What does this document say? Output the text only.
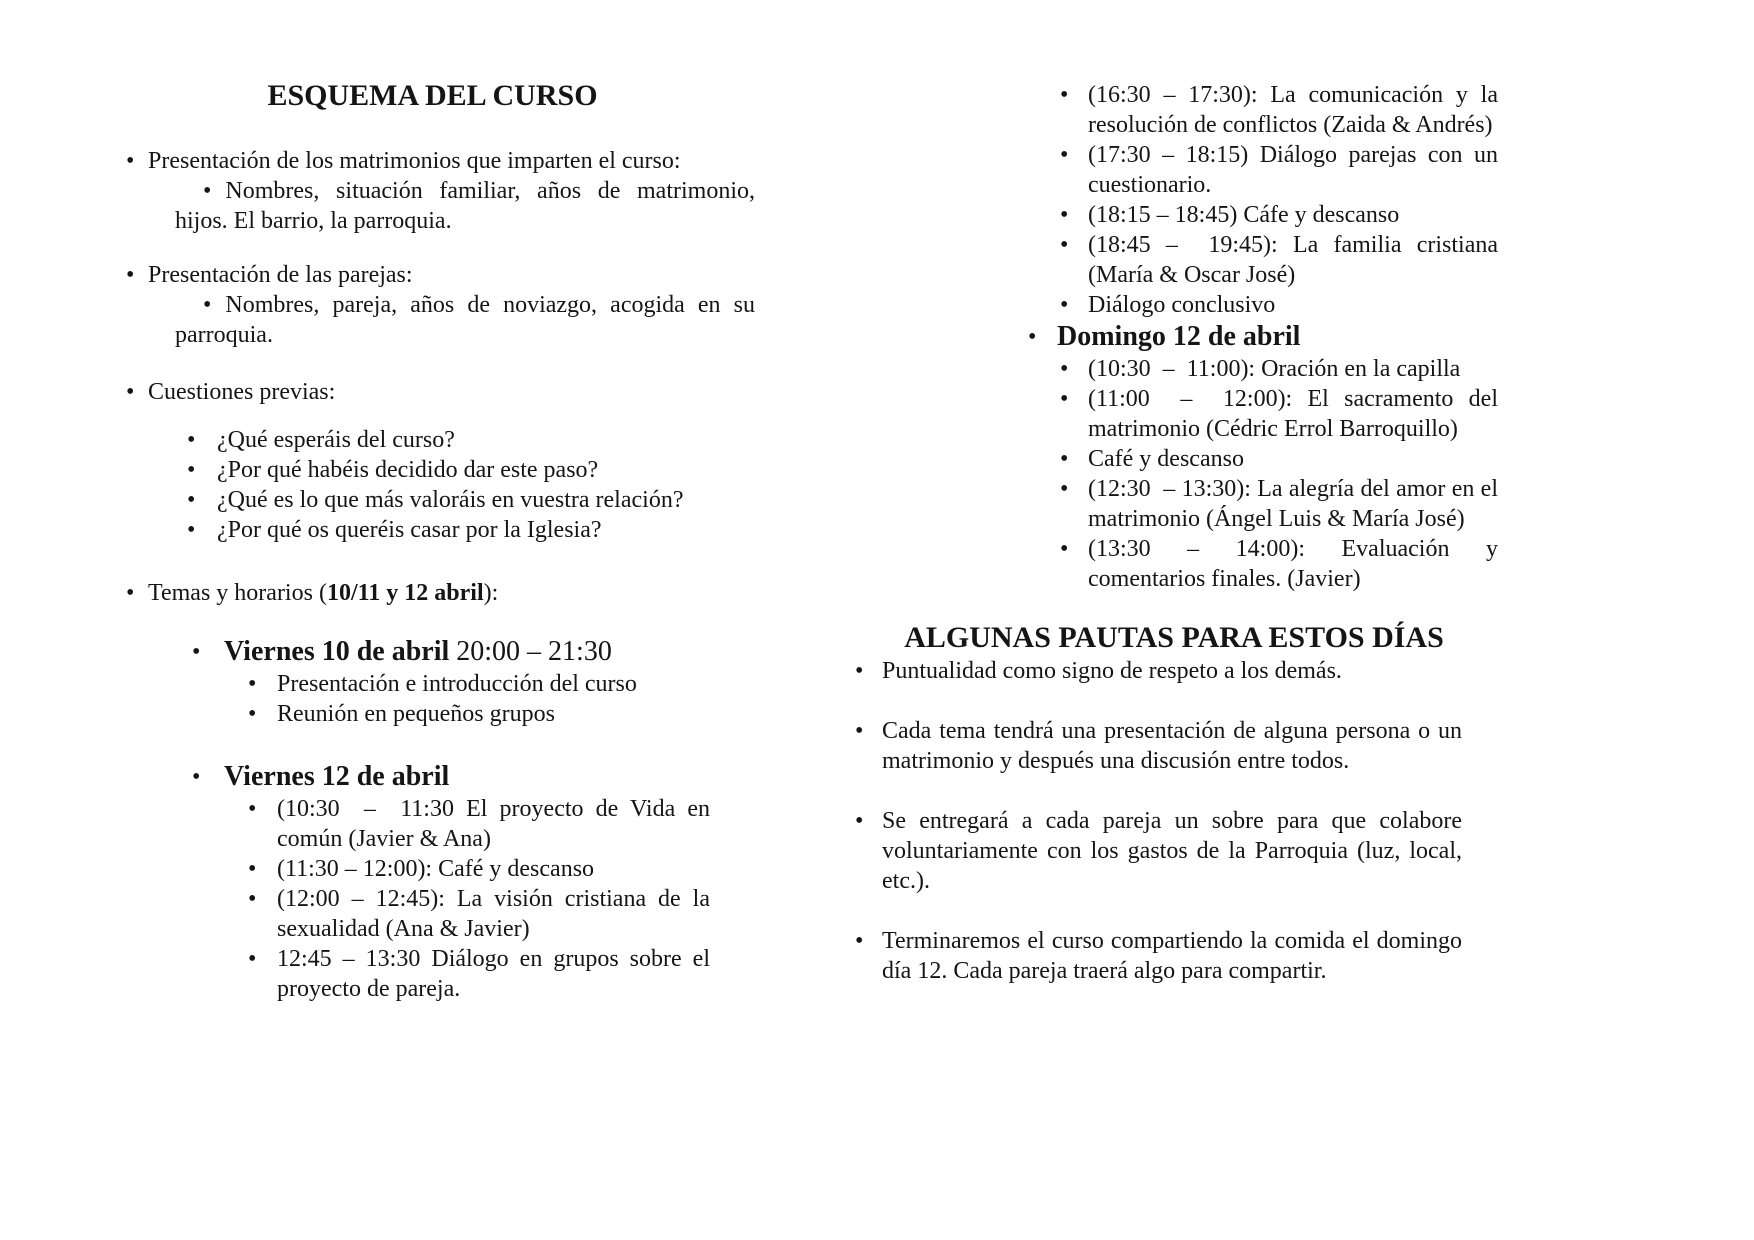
ESQUEMA DEL CURSO
• Presentación de los matrimonios que imparten el curso:
• Nombres, situación familiar, años de matrimonio, hijos. El barrio, la parroquia.
• Presentación de las parejas:
• Nombres, pareja, años de noviazgo, acogida en su parroquia.
• Cuestiones previas:
• ¿Qué esperáis del curso?
• ¿Por qué habéis decidido dar este paso?
• ¿Qué es lo que más valoráis en vuestra relación?
• ¿Por qué os queréis casar por la Iglesia?
• Temas y horarios (10/11 y 12 abril):
• Viernes 10 de abril 20:00 – 21:30
• Presentación e introducción del curso
• Reunión en pequeños grupos
• Viernes 12 de abril
• (10:30  –  11:30 El proyecto de Vida en común (Javier & Ana)
• (11:30 – 12:00): Café y descanso
• (12:00 – 12:45): La visión cristiana de la sexualidad (Ana & Javier)
• 12:45 – 13:30 Diálogo en grupos sobre el proyecto de pareja.
• (16:30 – 17:30): La comunicación y la resolución de conflictos (Zaida & Andrés)
• (17:30 – 18:15) Diálogo parejas con un cuestionario.
• (18:15 – 18:45) Cáfe y descanso
• (18:45 –  19:45): La familia cristiana (María & Oscar José)
• Diálogo conclusivo
• Domingo 12 de abril
• (10:30  –  11:00): Oración en la capilla
• (11:00  –  12:00): El sacramento del matrimonio (Cédric Errol Barroquillo)
• Café y descanso
• (12:30  – 13:30): La alegría del amor en el matrimonio (Ángel Luis & María José)
• (13:30 – 14:00): Evaluación y comentarios finales. (Javier)
ALGUNAS PAUTAS PARA ESTOS DÍAS
• Puntualidad como signo de respeto a los demás.
• Cada tema tendrá una presentación de alguna persona o un matrimonio y después una discusión entre todos.
• Se entregará a cada pareja un sobre para que colabore voluntariamente con los gastos de la Parroquia (luz, local, etc.).
• Terminaremos el curso compartiendo la comida el domingo día 12. Cada pareja traerá algo para compartir.
